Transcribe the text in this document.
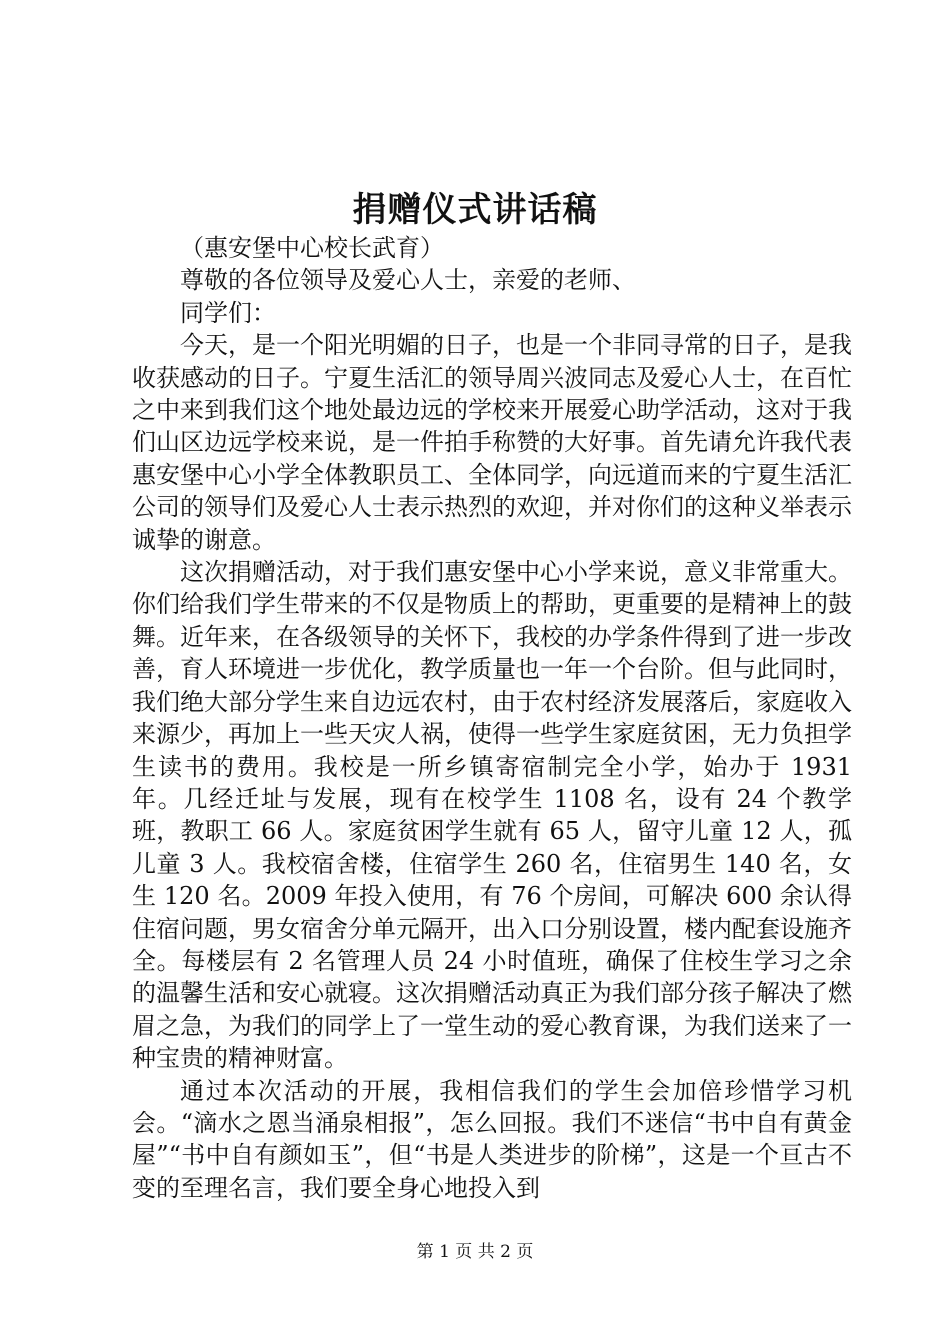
捐赠仪式讲话稿

（惠安堡中心校长武育）

尊敬的各位领导及爱心人士，亲爱的老师、

同学们：

今天，是一个阳光明媚的日子，也是一个非同寻常的日子，是我收获感动的日子。宁夏生活汇的领导周兴波同志及爱心人士，在百忙之中来到我们这个地处最边远的学校来开展爱心助学活动，这对于我们山区边远学校来说，是一件拍手称赞的大好事。首先请允许我代表惠安堡中心小学全体教职员工、全体同学，向远道而来的宁夏生活汇公司的领导们及爱心人士表示热烈的欢迎，并对你们的这种义举表示诚挚的谢意。

这次捐赠活动，对于我们惠安堡中心小学来说，意义非常重大。你们给我们学生带来的不仅是物质上的帮助，更重要的是精神上的鼓舞。近年来，在各级领导的关怀下，我校的办学条件得到了进一步改善，育人环境进一步优化，教学质量也一年一个台阶。但与此同时，我们绝大部分学生来自边远农村，由于农村经济发展落后，家庭收入来源少，再加上一些天灾人祸，使得一些学生家庭贫困，无力负担学生读书的费用。我校是一所乡镇寄宿制完全小学，始办于 1931 年。几经迁址与发展，现有在校学生 1108 名，设有 24 个教学班，教职工 66 人。家庭贫困学生就有 65 人，留守儿童 12 人，孤儿童 3 人。我校宿舍楼，住宿学生 260 名，住宿男生 140 名，女生 120 名。2009 年投入使用，有 76 个房间，可解决 600 余认得住宿问题，男女宿舍分单元隔开，出入口分别设置，楼内配套设施齐全。每楼层有 2 名管理人员 24 小时值班，确保了住校生学习之余的温馨生活和安心就寝。这次捐赠活动真正为我们部分孩子解决了燃眉之急，为我们的同学上了一堂生动的爱心教育课，为我们送来了一种宝贵的精神财富。

通过本次活动的开展，我相信我们的学生会加倍珍惜学习机会。“滴水之恩当涌泉相报”，怎么回报。我们不迷信“书中自有黄金屋”“书中自有颜如玉”，但“书是人类进步的阶梯”，这是一个亘古不变的至理名言，我们要全身心地投入到

第 1 页 共 2 页
